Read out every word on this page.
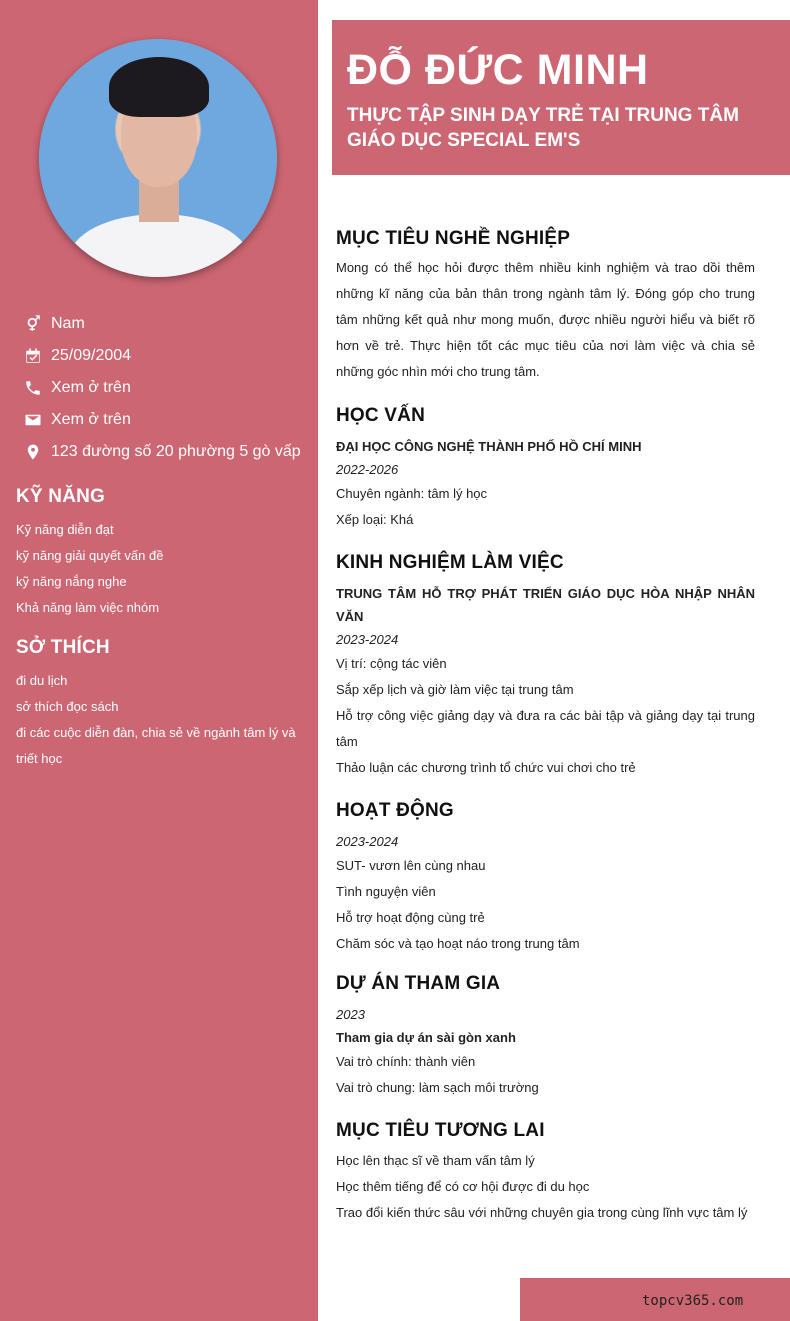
Nam
25/09/2004
Xem ở trên
Xem ở trên
123 đường số 20 phường 5 gò vấp
KỸ NĂNG
Kỹ năng diễn đạt
kỹ năng giải quyết vấn đề
kỹ năng nắng nghe
Khả năng làm việc nhóm
SỞ THÍCH
đi du lịch
sở thích đọc sách
đi các cuộc diễn đàn, chia sẻ về ngành tâm lý và triết học
ĐỖ ĐỨC MINH
THỰC TẬP SINH DẠY TRẺ TẠI TRUNG TÂM GIÁO DỤC SPECIAL EM'S
MỤC TIÊU NGHỀ NGHIỆP

Mong có thể học hỏi được thêm nhiều kinh nghiệm và trao dồi thêm những kĩ năng của bản thân trong ngành tâm lý. Đóng góp cho trung tâm những kết quả như mong muốn, được nhiều người hiểu và biết rõ hơn về trẻ. Thực hiện tốt các mục tiêu của nơi làm việc và chia sẻ những góc nhìn mới cho trung tâm.

HỌC VẤN

ĐẠI HỌC CÔNG NGHỆ THÀNH PHỐ HỒ CHÍ MINH

2022-2026

Chuyên ngành: tâm lý học

Xếp loại: Khá

KINH NGHIỆM LÀM VIỆC

TRUNG TÂM HỖ TRỢ PHÁT TRIỂN GIÁO DỤC HÒA NHẬP NHÂN VĂN

2023-2024

Vị trí: cộng tác viên

Sắp xếp lịch và giờ làm việc tại trung tâm

Hỗ trợ công việc giảng dạy và đưa ra các bài tập và giảng dạy tại trung tâm

Thảo luận các chương trình tổ chức vui chơi cho trẻ

HOẠT ĐỘNG

2023-2024

SUT- vươn lên cùng nhau

Tình nguyện viên

Hỗ trợ hoạt động cùng trẻ

Chăm sóc và tạo hoạt náo trong trung tâm

DỰ ÁN THAM GIA

2023

Tham gia dự án sài gòn xanh

Vai trò chính: thành viên

Vai trò chung: làm sạch môi trường

MỤC TIÊU TƯƠNG LAI

Học lên thạc sĩ về tham vấn tâm lý

Học thêm tiếng để có cơ hội được đi du học

Trao đổi kiến thức sâu với những chuyên gia trong cùng lĩnh vực tâm lý

topcv365.com
